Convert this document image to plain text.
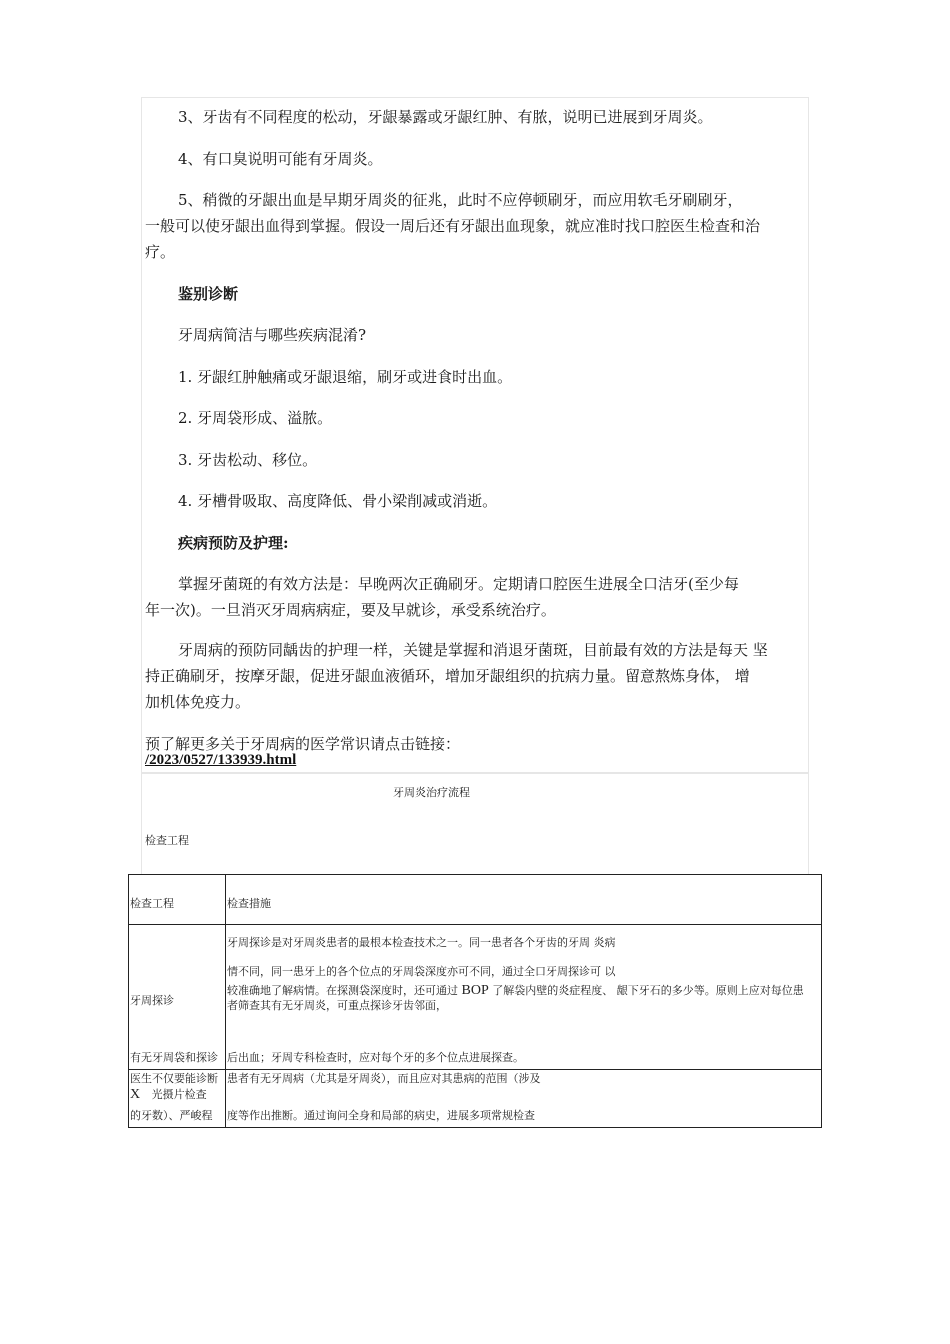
3、牙齿有不同程度的松动，牙龈暴露或牙龈红肿、有脓，说明已进展到牙周炎。
4、有口臭说明可能有牙周炎。
5、稍微的牙龈出血是早期牙周炎的征兆，此时不应停顿刷牙，而应用软毛牙刷刷牙，
一般可以使牙龈出血得到掌握。假设一周后还有牙龈出血现象，就应准时找口腔医生检查和治
疗。
鉴别诊断
牙周病简洁与哪些疾病混淆?
1. 牙龈红肿触痛或牙龈退缩，刷牙或进食时出血。
2. 牙周袋形成、溢脓。
3. 牙齿松动、移位。
4. 牙槽骨吸取、高度降低、骨小梁削减或消逝。
疾病预防及护理:
掌握牙菌斑的有效方法是：早晚两次正确刷牙。定期请口腔医生进展全口洁牙(至少每
年一次)。一旦消灭牙周病病症，要及早就诊，承受系统治疗。
牙周病的预防同龋齿的护理一样，关键是掌握和消退牙菌斑，目前最有效的方法是每天 坚
持正确刷牙，按摩牙龈，促进牙龈血液循环，增加牙龈组织的抗病力量。留意熬炼身体， 增
加机体免疫力。
预了解更多关于牙周病的医学常识请点击链接：
/2023/0527/133939.html
牙周炎治疗流程
检查工程
检查工程	检查措施
牙周探诊
牙周探诊是对牙周炎患者的最根本检查技术之一。同一患者各个牙齿的牙周 炎病
情不同，同一患牙上的各个位点的牙周袋深度亦可不同，通过全口牙周探诊可 以
较准确地了解病情。在探测袋深度时，还可通过 BOP 了解袋内壁的炎症程度、 龈下牙石的多少等。原则上应对每位患
者筛查其有无牙周炎，可重点探诊牙齿邻面，
有无牙周袋和探诊 后出血；牙周专科检查时，应对每个牙的多个位点进展探查。
医生不仅要能诊断
X 光摄片检查
的牙数）、严峻程
患者有无牙周病（尤其是牙周炎），而且应对其患病的范围（涉及
度等作出推断。通过询问全身和局部的病史，进展多项常规检查
